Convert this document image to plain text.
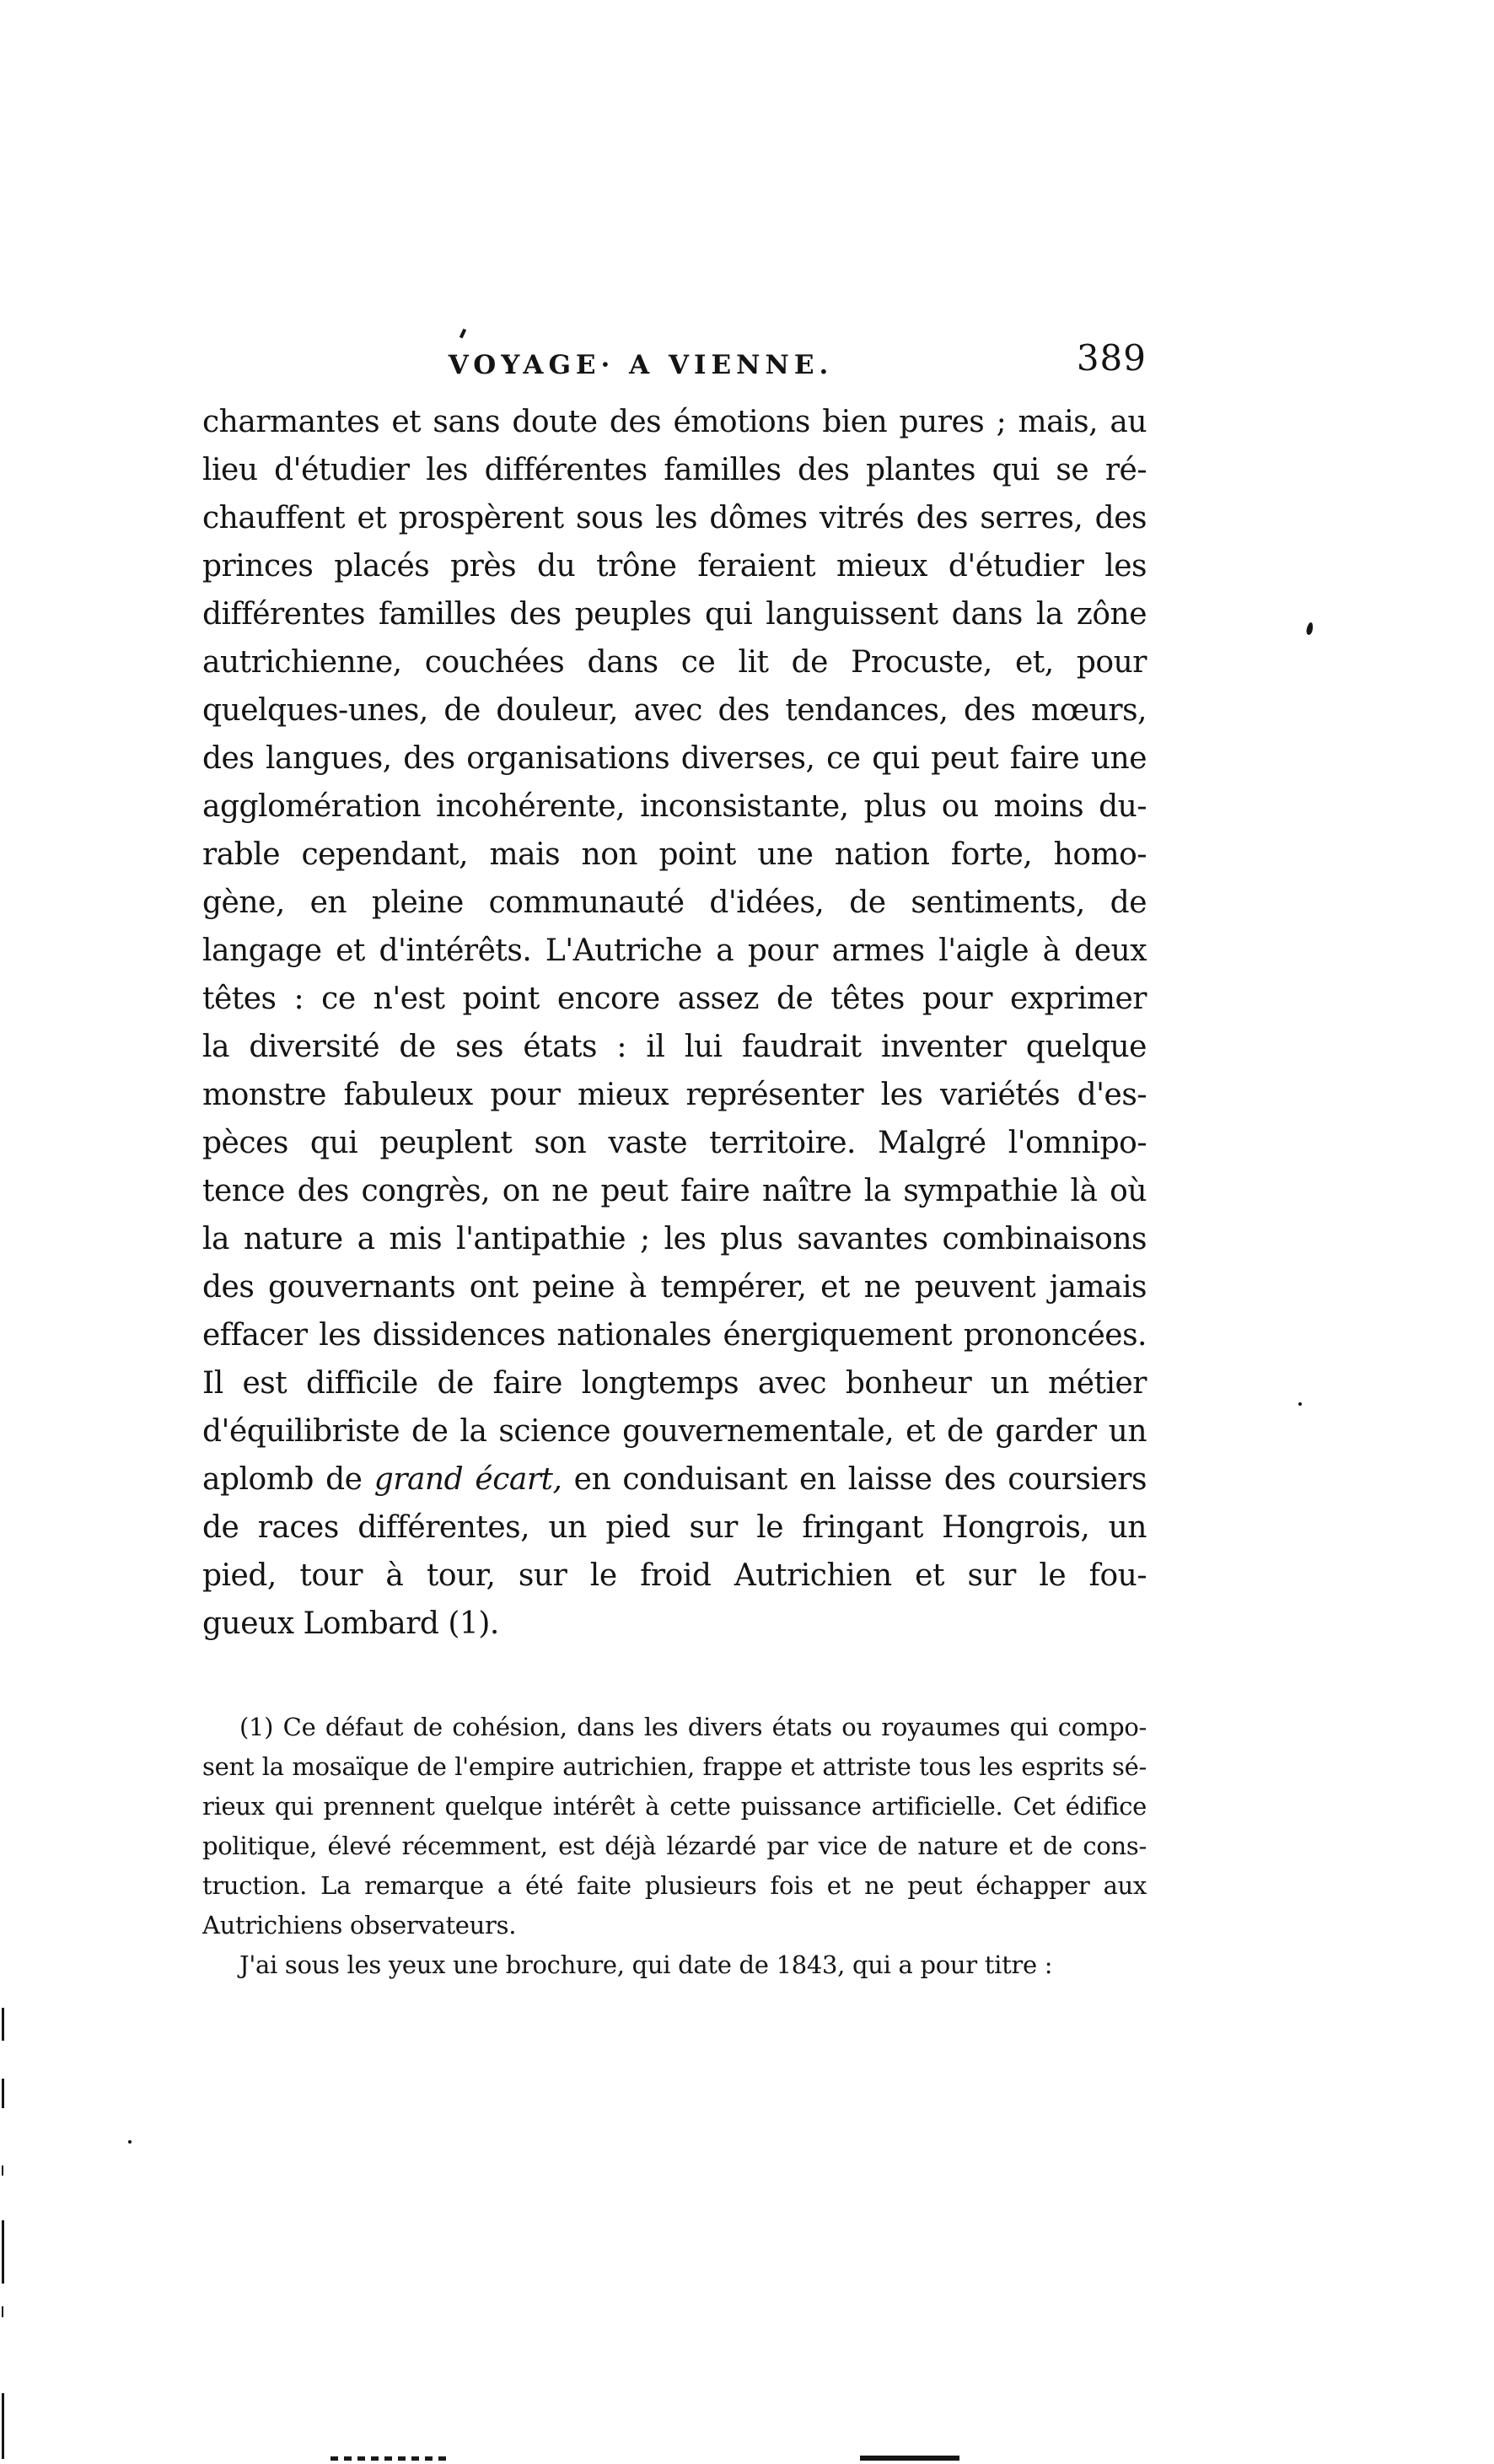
VOYAGE· A VIENNE.	389
charmantes et sans doute des émotions bien pures ; mais, au
lieu d'étudier les différentes familles des plantes qui se ré-
chauffent et prospèrent sous les dômes vitrés des serres, des
princes placés près du trône feraient mieux d'étudier les
différentes familles des peuples qui languissent dans la zône
autrichienne, couchées dans ce lit de Procuste, et, pour
quelques-unes, de douleur, avec des tendances, des mœurs,
des langues, des organisations diverses, ce qui peut faire une
agglomération incohérente, inconsistante, plus ou moins du-
rable cependant, mais non point une nation forte, homo-
gène, en pleine communauté d'idées, de sentiments, de
langage et d'intérêts. L'Autriche a pour armes l'aigle à deux
têtes : ce n'est point encore assez de têtes pour exprimer
la diversité de ses états : il lui faudrait inventer quelque
monstre fabuleux pour mieux représenter les variétés d'es-
pèces qui peuplent son vaste territoire. Malgré l'omnipo-
tence des congrès, on ne peut faire naître la sympathie là où
la nature a mis l'antipathie ; les plus savantes combinaisons
des gouvernants ont peine à tempérer, et ne peuvent jamais
effacer les dissidences nationales énergiquement prononcées.
Il est difficile de faire longtemps avec bonheur un métier
d'équilibriste de la science gouvernementale, et de garder un
aplomb de grand écart, en conduisant en laisse des coursiers
de races différentes, un pied sur le fringant Hongrois, un
pied, tour à tour, sur le froid Autrichien et sur le fou-
gueux Lombard (1).
(1) Ce défaut de cohésion, dans les divers états ou royaumes qui compo-
sent la mosaïque de l'empire autrichien, frappe et attriste tous les esprits sé-
rieux qui prennent quelque intérêt à cette puissance artificielle. Cet édifice
politique, élevé récemment, est déjà lézardé par vice de nature et de cons-
truction. La remarque a été faite plusieurs fois et ne peut échapper aux
Autrichiens observateurs.
J'ai sous les yeux une brochure, qui date de 1843, qui a pour titre :
